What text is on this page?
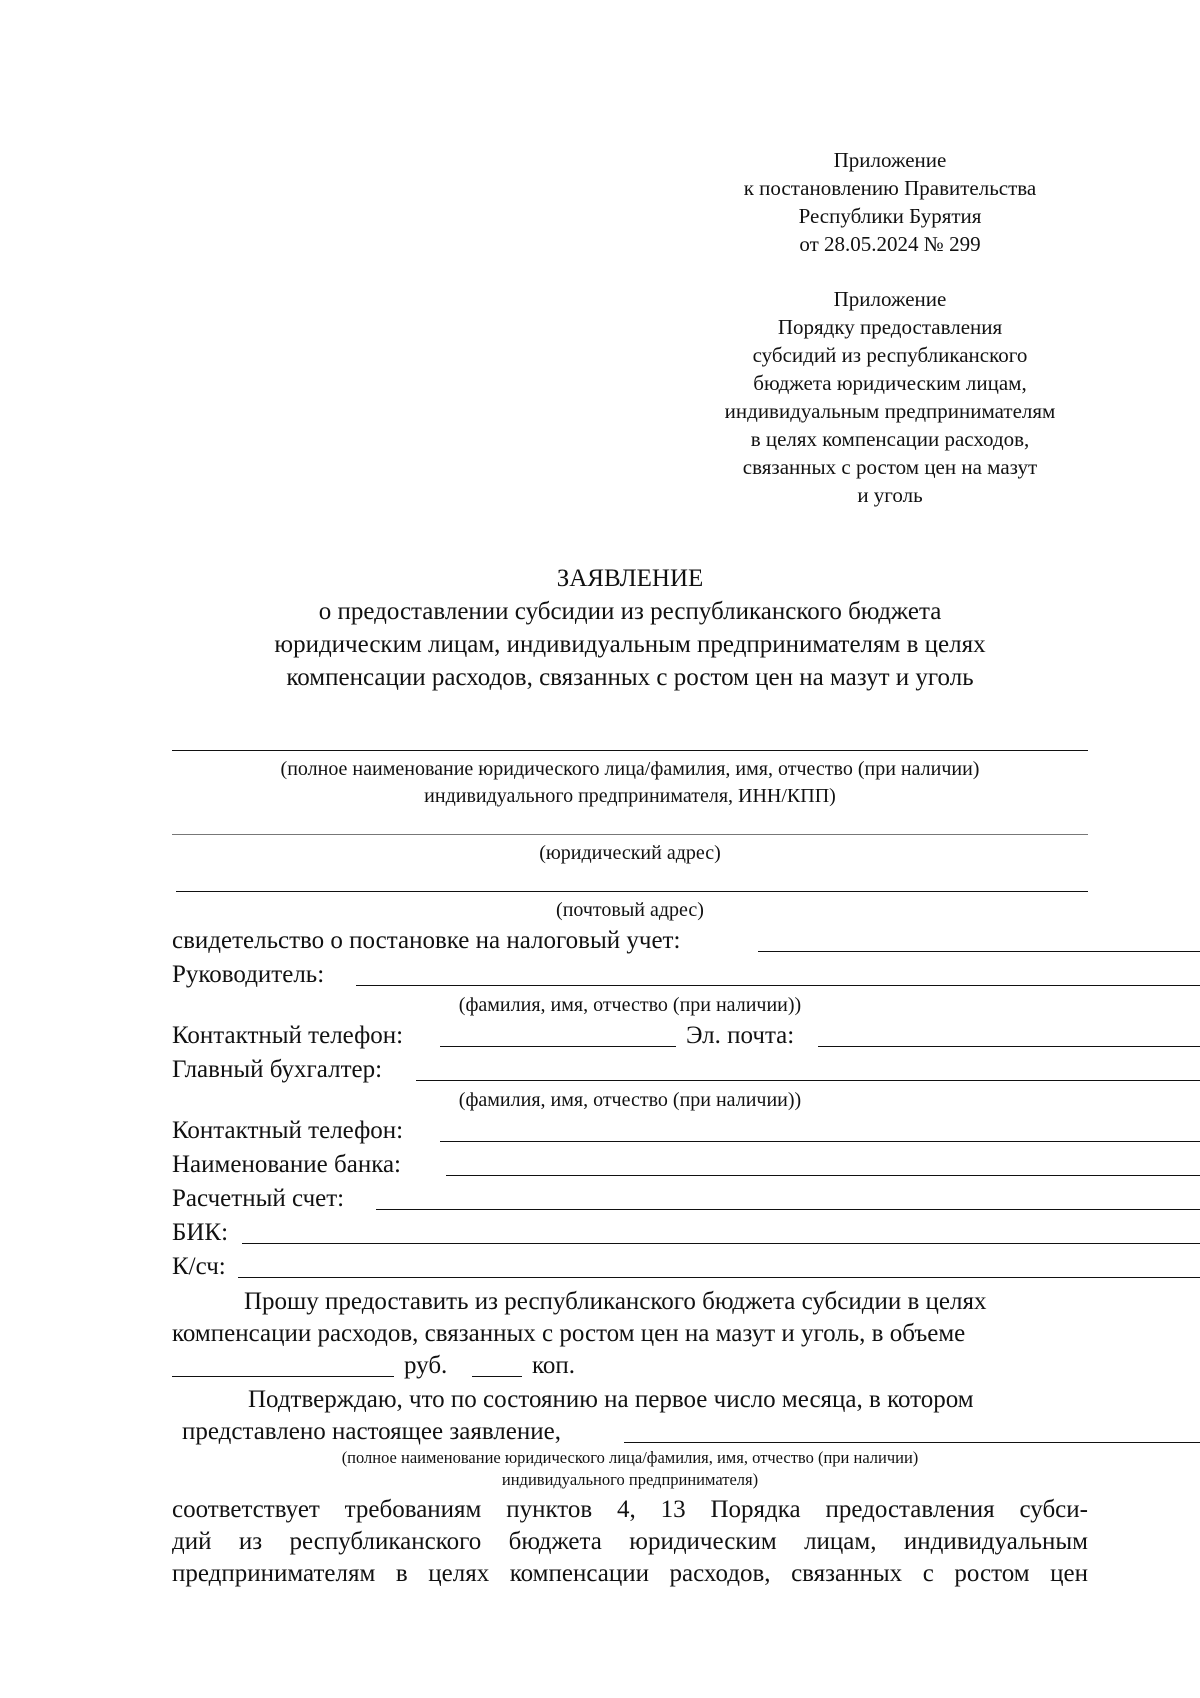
Приложение
к постановлению Правительства
Республики Бурятия
от 28.05.2024 № 299
Приложение
Порядку предоставления
субсидий из республиканского
бюджета юридическим лицам,
индивидуальным предпринимателям
в целях компенсации расходов,
связанных с ростом цен на мазут
и уголь
ЗАЯВЛЕНИЕ
о предоставлении субсидии из республиканского бюджета
юридическим лицам, индивидуальным предпринимателям в целях
компенсации расходов, связанных с ростом цен на мазут и уголь
(полное наименование юридического лица/фамилия, имя, отчество (при наличии)
индивидуального предпринимателя, ИНН/КПП)
(юридический адрес)
(почтовый адрес)
свидетельство о постановке на налоговый учет:
Руководитель:
(фамилия, имя, отчество (при наличии))
Контактный телефон:	Эл. почта:
Главный бухгалтер:
(фамилия, имя, отчество (при наличии))
Контактный телефон:
Наименование банка:
Расчетный счет:
БИК:
К/сч:
Прошу предоставить из республиканского бюджета субсидии в целях
компенсации расходов, связанных с ростом цен на мазут и уголь, в объеме
руб.	коп.
Подтверждаю, что по состоянию на первое число месяца, в котором
представлено настоящее заявление,
(полное наименование юридического лица/фамилия, имя, отчество (при наличии)
индивидуального предпринимателя)
соответствует требованиям пунктов 4, 13 Порядка предоставления субси-
дий из республиканского бюджета юридическим лицам, индивидуальным
предпринимателям в целях компенсации расходов, связанных с ростом цен
